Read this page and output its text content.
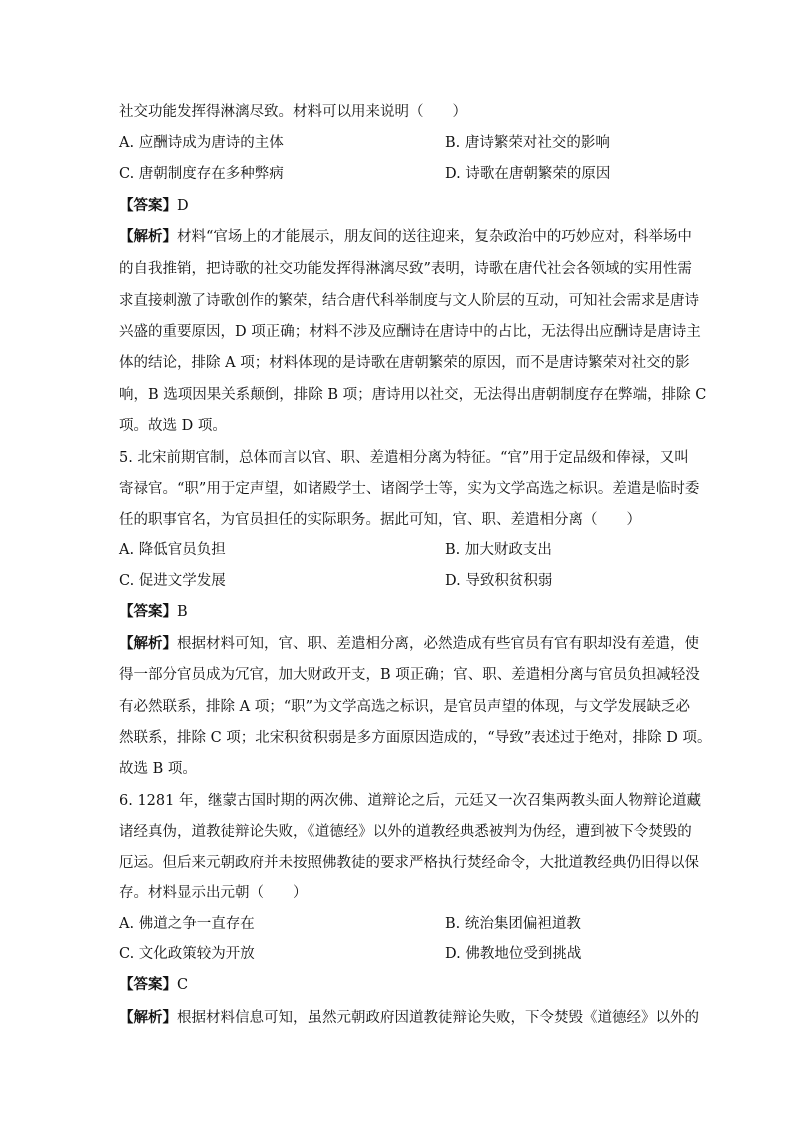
社交功能发挥得淋漓尽致。材料可以用来说明（　　）
A. 应酬诗成为唐诗的主体	B. 唐诗繁荣对社交的影响
C. 唐朝制度存在多种弊病	D. 诗歌在唐朝繁荣的原因
【答案】D
【解析】材料“官场上的才能展示，朋友间的送往迎来，复杂政治中的巧妙应对，科举场中
的自我推销，把诗歌的社交功能发挥得淋漓尽致”表明，诗歌在唐代社会各领域的实用性需
求直接刺激了诗歌创作的繁荣，结合唐代科举制度与文人阶层的互动，可知社会需求是唐诗
兴盛的重要原因，D 项正确；材料不涉及应酬诗在唐诗中的占比，无法得出应酬诗是唐诗主
体的结论，排除 A 项；材料体现的是诗歌在唐朝繁荣的原因，而不是唐诗繁荣对社交的影
响，B 选项因果关系颠倒，排除 B 项；唐诗用以社交，无法得出唐朝制度存在弊端，排除 C
项。故选 D 项。
5. 北宋前期官制，总体而言以官、职、差遣相分离为特征。“官”用于定品级和俸禄，又叫
寄禄官。“职”用于定声望，如诸殿学士、诸阁学士等，实为文学高选之标识。差遣是临时委
任的职事官名，为官员担任的实际职务。据此可知，官、职、差遣相分离（　　）
A. 降低官员负担	B. 加大财政支出
C. 促进文学发展	D. 导致积贫积弱
【答案】B
【解析】根据材料可知，官、职、差遣相分离，必然造成有些官员有官有职却没有差遣，使
得一部分官员成为冗官，加大财政开支，B 项正确；官、职、差遣相分离与官员负担减轻没
有必然联系，排除 A 项；“职”为文学高选之标识，是官员声望的体现，与文学发展缺乏必
然联系，排除 C 项；北宋积贫积弱是多方面原因造成的，“导致”表述过于绝对，排除 D 项。
故选 B 项。
6. 1281 年，继蒙古国时期的两次佛、道辩论之后，元廷又一次召集两教头面人物辩论道藏
诸经真伪，道教徒辩论失败，《道德经》以外的道教经典悉被判为伪经，遭到被下令焚毁的
厄运。但后来元朝政府并未按照佛教徒的要求严格执行焚经命令，大批道教经典仍旧得以保
存。材料显示出元朝（　　）
A. 佛道之争一直存在	B. 统治集团偏袒道教
C. 文化政策较为开放	D. 佛教地位受到挑战
【答案】C
【解析】根据材料信息可知，虽然元朝政府因道教徒辩论失败，下令焚毁《道德经》以外的
